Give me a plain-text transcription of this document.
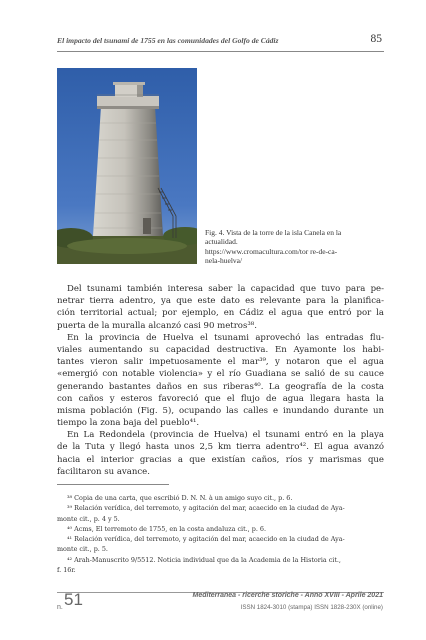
El impacto del tsunami de 1755 en las comunidades del Golfo de Cádiz	85
Fig. 4. Vista de la torre de la isla Canela en la
actualidad.
https://www.cromacultura.com/tor re-de-ca-
nela-huelva/
Del tsunami también interesa saber la capacidad que tuvo para pe-
netrar tierra adentro, ya que este dato es relevante para la planifica-
ción territorial actual; por ejemplo, en Cádiz el agua que entró por la
puerta de la muralla alcanzó casi 90 metros³⁸.
En la provincia de Huelva el tsunami aprovechó las entradas flu-
viales aumentando su capacidad destructiva. En Ayamonte los habi-
tantes vieron salir impetuosamente el mar³⁹, y notaron que el agua
«emergió con notable violencia» y el río Guadiana se salió de su cauce
generando bastantes daños en sus riberas⁴⁰. La geografía de la costa
con caños y esteros favoreció que el flujo de agua llegara hasta la
misma población (Fig. 5), ocupando las calles e inundando durante un
tiempo la zona baja del pueblo⁴¹.
En La Redondela (provincia de Huelva) el tsunami entró en la playa
de la Tuta y llegó hasta unos 2,5 km tierra adentro⁴². El agua avanzó
hacia el interior gracias a que existían caños, ríos y marismas que
facilitaron su avance.
³⁸ Copia de una carta, que escribió D. N. N. à un amigo suyo cit., p. 6.
³⁹ Relación verídica, del terremoto, y agitación del mar, acaecido en la ciudad de Aya-
monte cit., p. 4 y 5.
⁴⁰ Acms, El terremoto de 1755, en la costa andaluza cit., p. 6.
⁴¹ Relación verídica, del terremoto, y agitación del mar, acaecido en la ciudad de Aya-
monte cit., p. 5.
⁴² Arah-Manuscrito 9/5512. Noticia individual que da la Academia de la Historia cit.,
f. 16r.
n. 51	Mediterranea - ricerche storiche - Anno XVIII - Aprile 2021
ISSN 1824-3010 (stampa) ISSN 1828-230X (online)
